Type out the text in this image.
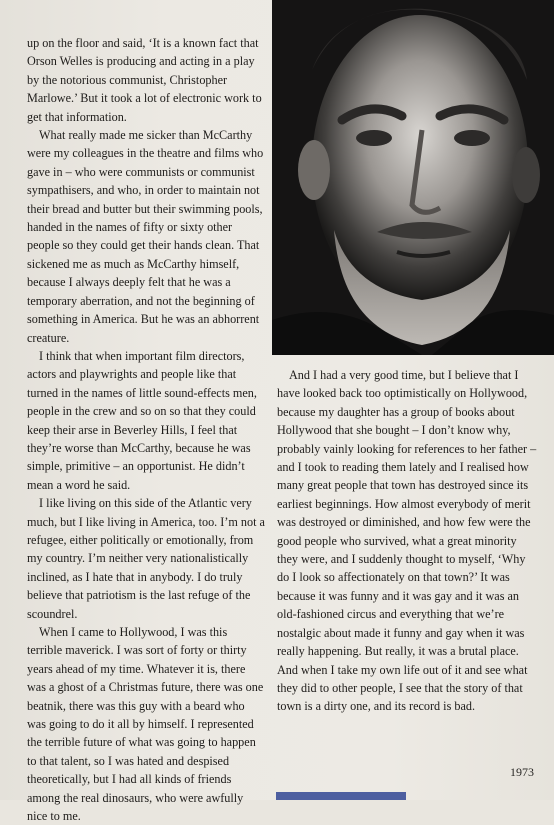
up on the floor and said, ‘It is a known fact that Orson Welles is producing and acting in a play by the notorious communist, Christopher Marlowe.’ But it took a lot of electronic work to get that information.

What really made me sicker than McCarthy were my colleagues in the theatre and films who gave in – who were communists or communist sympathisers, and who, in order to maintain not their bread and butter but their swimming pools, handed in the names of fifty or sixty other people so they could get their hands clean. That sickened me as much as McCarthy himself, because I always deeply felt that he was a temporary aberration, and not the beginning of something in America. But he was an abhorrent creature.

I think that when important film directors, actors and playwrights and people like that turned in the names of little sound-effects men, people in the crew and so on so that they could keep their arse in Beverley Hills, I feel that they’re worse than McCarthy, because he was simple, primitive – an opportunist. He didn’t mean a word he said.

I like living on this side of the Atlantic very much, but I like living in America, too. I’m not a refugee, either politically or emotionally, from my country. I’m neither very nationalistically inclined, as I hate that in anybody. I do truly believe that patriotism is the last refuge of the scoundrel.

When I came to Hollywood, I was this terrible maverick. I was sort of forty or thirty years ahead of my time. Whatever it is, there was a ghost of a Christmas future, there was one beatnik, there was this guy with a beard who was going to do it all by himself. I represented the terrible future of what was going to happen to that talent, so I was hated and despised theoretically, but I had all kinds of friends among the real dinosaurs, who were awfully nice to me.

And I had a very good time, but I believe that I have looked back too optimistically on Hollywood, because my daughter has a group of books about Hollywood that she bought – I don’t know why, probably vainly looking for references to her father – and I took to reading them lately and I realised how many great people that town has destroyed since its earliest beginnings. How almost everybody of merit was destroyed or diminished, and how few were the good people who survived, what a great minority they were, and I suddenly thought to myself, ‘Why do I look so affectionately on that town?’ It was because it was funny and it was gay and it was an old-fashioned circus and everything that we’re nostalgic about made it funny and gay when it was really happening. But really, it was a brutal place. And when I take my own life out of it and see what they did to other people, I see that the story of that town is a dirty one, and its record is bad.

1973
